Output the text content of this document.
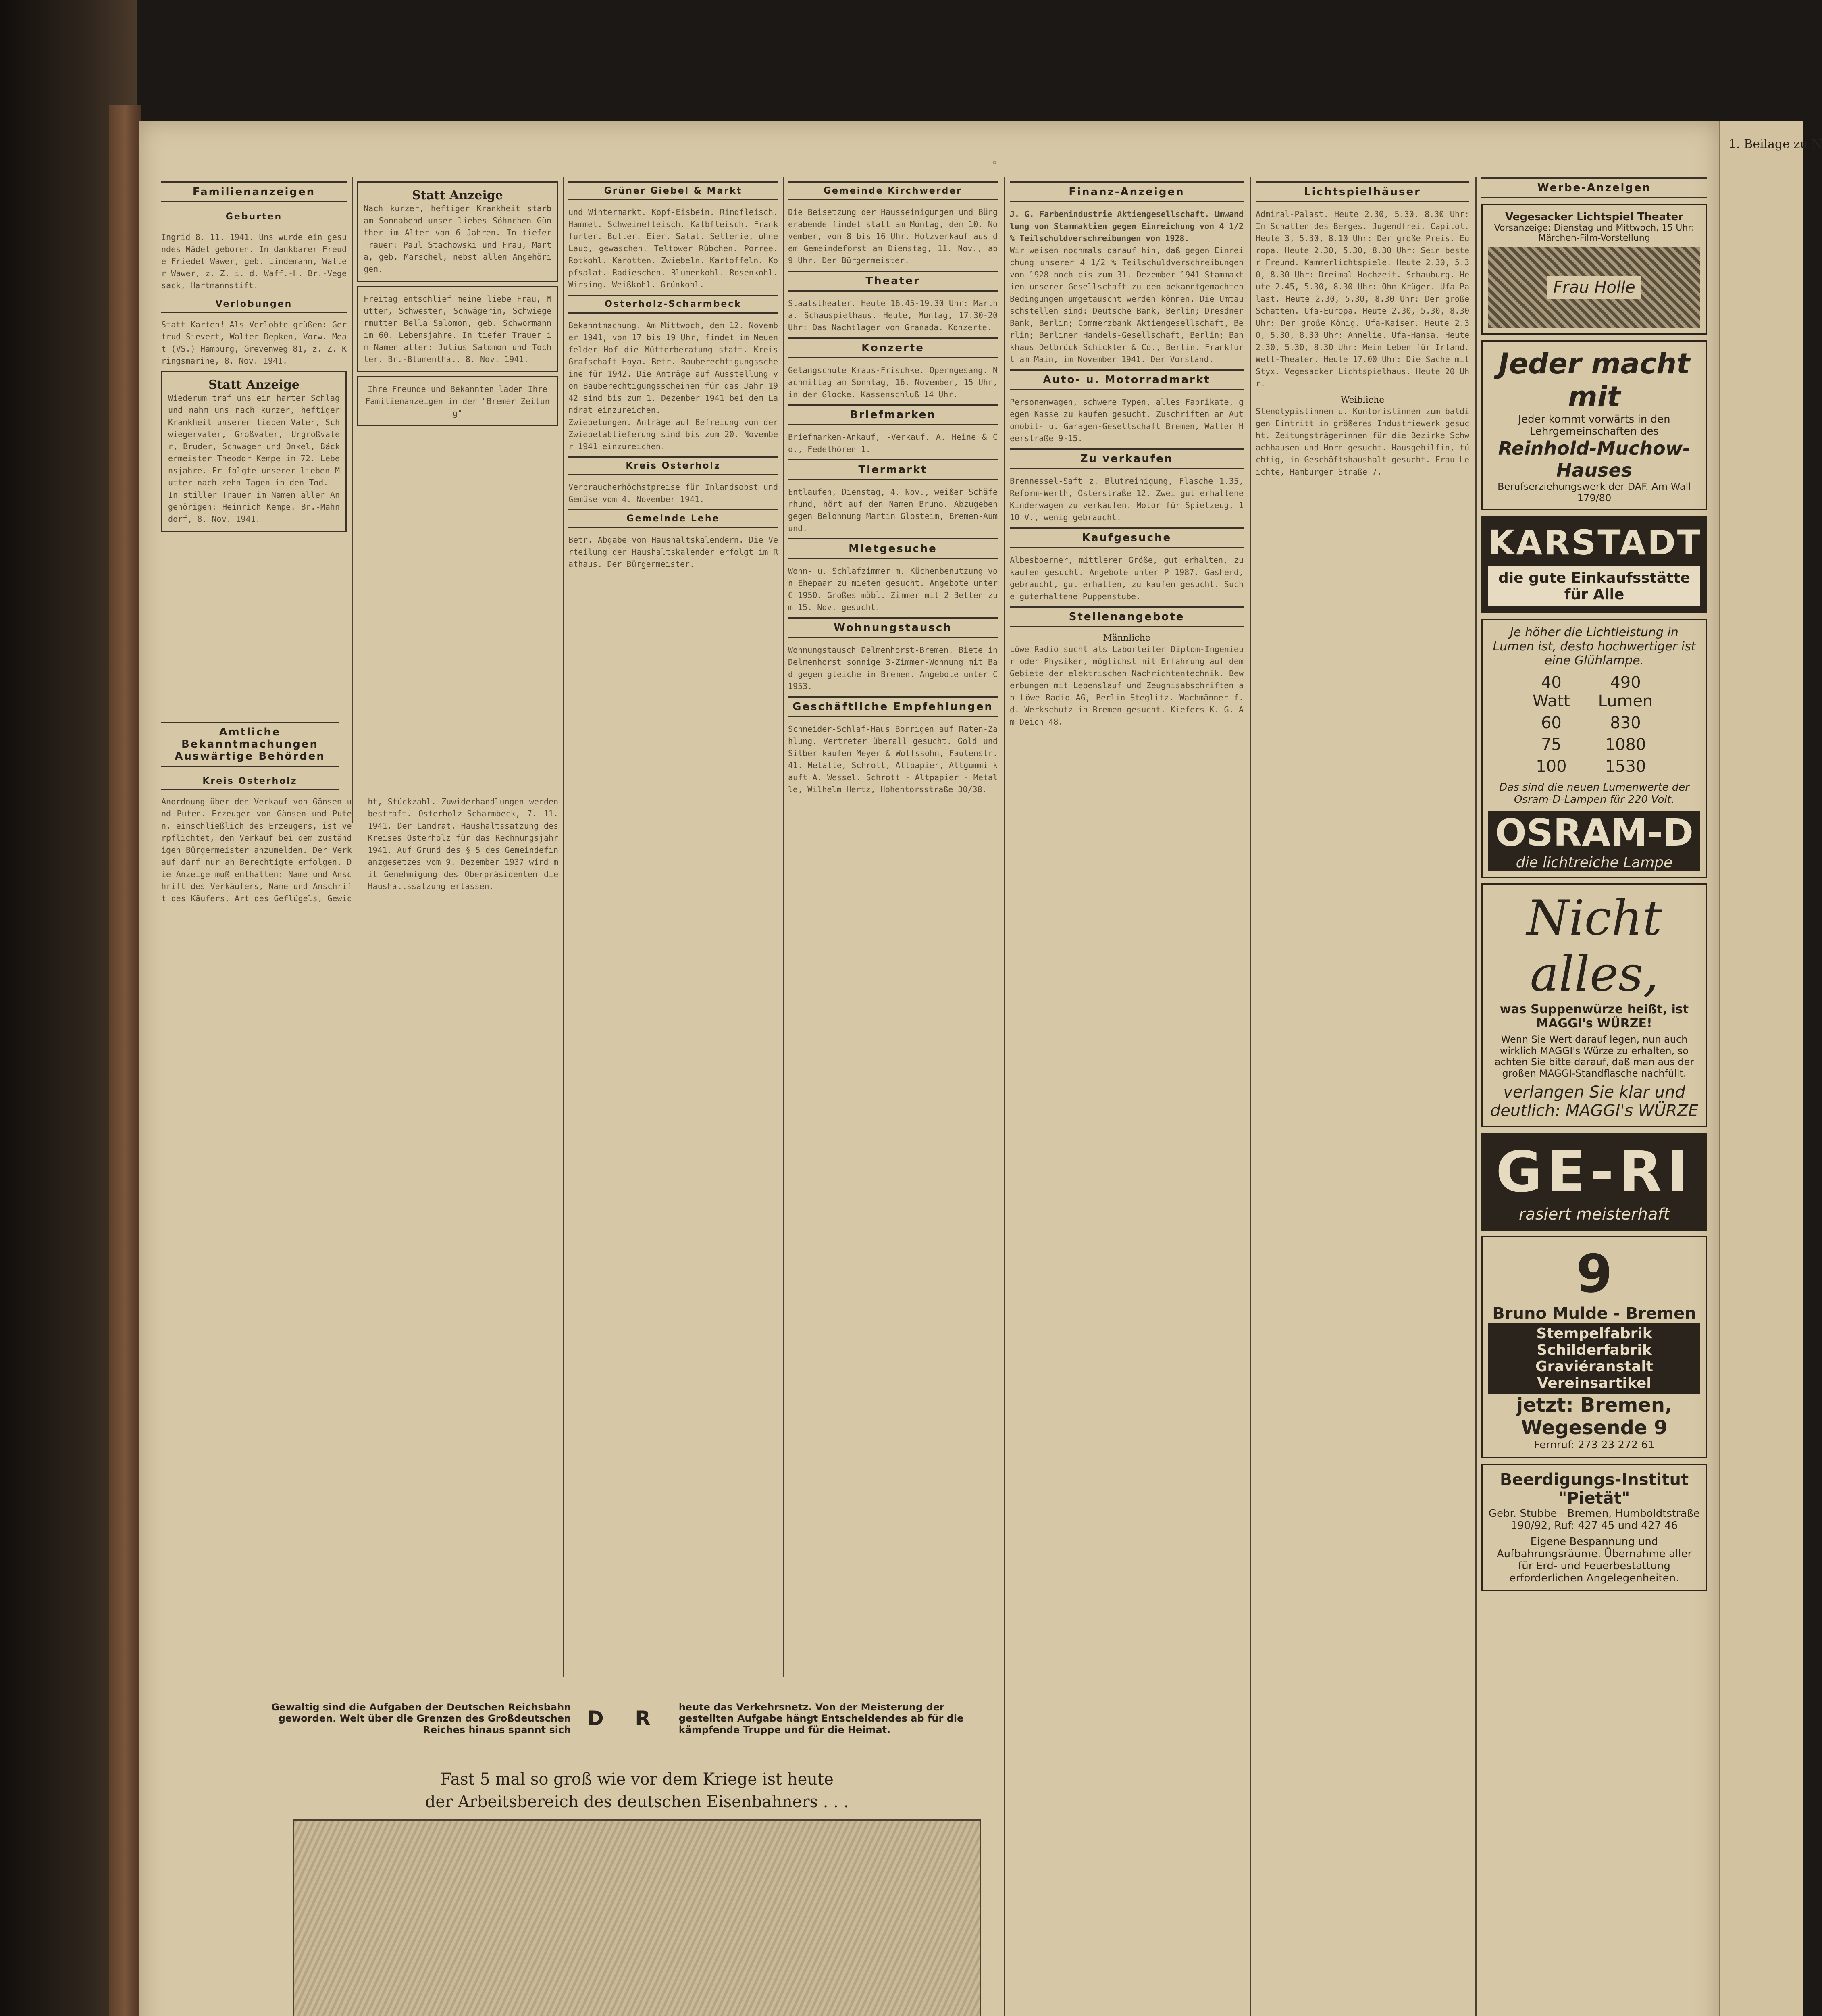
◦
Familienanzeigen
Geburten
Ingrid 8. 11. 1941. Uns wurde ein gesundes Mädel geboren. In dankbarer Freude Friedel Wawer, geb. Lindemann, Walter Wawer, z. Z. i. d. Waff.-H. Br.-Vegesack, Hartmannstift.
Verlobungen
Statt Karten! Als Verlobte grüßen: Gertrud Sievert, Walter Depken, Vorw.-Meat (VS.) Hamburg, Grevenweg 81, z. Z. Kringsmarine, 8. Nov. 1941.
Statt Anzeige
Wiederum traf uns ein harter Schlag und nahm uns nach kurzer, heftiger Krankheit unseren lieben Vater, Schwiegervater, Großvater, Urgroßvater, Bruder, Schwager und Onkel, Bäckermeister Theodor Kempe im 72. Lebensjahre. Er folgte unserer lieben Mutter nach zehn Tagen in den Tod.
In stiller Trauer im Namen aller Angehörigen: Heinrich Kempe. Br.-Mahndorf, 8. Nov. 1941.
Statt Anzeige
Nach kurzer, heftiger Krankheit starb am Sonnabend unser liebes Söhnchen Günther im Alter von 6 Jahren. In tiefer Trauer: Paul Stachowski und Frau, Marta, geb. Marschel, nebst allen Angehörigen.
Freitag entschlief meine liebe Frau, Mutter, Schwester, Schwägerin, Schwiegermutter Bella Salomon, geb. Schwormann im 60. Lebensjahre. In tiefer Trauer im Namen aller: Julius Salomon und Tochter. Br.-Blumenthal, 8. Nov. 1941.
Ihre Freunde und Bekannten laden Ihre Familienanzeigen in der "Bremer Zeitung"
Amtliche Bekanntmachungen Auswärtige Behörden
Kreis Osterholz
Anordnung über den Verkauf von Gänsen und Puten. Erzeuger von Gänsen und Puten, einschließlich des Erzeugers, ist verpflichtet, den Verkauf bei dem zuständigen Bürgermeister anzumelden. Der Verkauf darf nur an Berechtigte erfolgen. Die Anzeige muß enthalten: Name und Anschrift des Verkäufers, Name und Anschrift des Käufers, Art des Geflügels, Gewicht, Stückzahl. Zuwiderhandlungen werden bestraft. Osterholz-Scharmbeck, 7. 11. 1941. Der Landrat. Haushaltssatzung des Kreises Osterholz für das Rechnungsjahr 1941. Auf Grund des § 5 des Gemeindefinanzgesetzes vom 9. Dezember 1937 wird mit Genehmigung des Oberpräsidenten die Haushaltssatzung erlassen.
Grüner Giebel & Markt
und Wintermarkt. Kopf-Eisbein. Rindfleisch. Hammel. Schweinefleisch. Kalbfleisch. Frankfurter. Butter. Eier. Salat. Sellerie, ohne Laub, gewaschen. Teltower Rübchen. Porree. Rotkohl. Karotten. Zwiebeln. Kartoffeln. Kopfsalat. Radieschen. Blumenkohl. Rosenkohl. Wirsing. Weißkohl. Grünkohl.
Osterholz-Scharmbeck
Bekanntmachung. Am Mittwoch, dem 12. November 1941, von 17 bis 19 Uhr, findet im Neuenfelder Hof die Mütterberatung statt. Kreis Grafschaft Hoya. Betr. Bauberechtigungsscheine für 1942. Die Anträge auf Ausstellung von Bauberechtigungsscheinen für das Jahr 1942 sind bis zum 1. Dezember 1941 bei dem Landrat einzureichen.
Zwiebelungen. Anträge auf Befreiung von der Zwiebelablieferung sind bis zum 20. November 1941 einzureichen.
Kreis Osterholz
Verbraucherhöchstpreise für Inlandsobst und Gemüse vom 4. November 1941.
Gemeinde Lehe
Betr. Abgabe von Haushaltskalendern. Die Verteilung der Haushaltskalender erfolgt im Rathaus. Der Bürgermeister.
Gemeinde Kirchwerder
Die Beisetzung der Hausseinigungen und Bürgerabende findet statt am Montag, dem 10. November, von 8 bis 16 Uhr. Holzverkauf aus dem Gemeindeforst am Dienstag, 11. Nov., ab 9 Uhr. Der Bürgermeister.
Theater
Staatstheater. Heute 16.45-19.30 Uhr: Martha. Schauspielhaus. Heute, Montag, 17.30-20 Uhr: Das Nachtlager von Granada. Konzerte.
Konzerte
Gelangschule Kraus-Frischke. Operngesang. Nachmittag am Sonntag, 16. November, 15 Uhr, in der Glocke. Kassenschluß 14 Uhr.
Briefmarken
Briefmarken-Ankauf, -Verkauf. A. Heine & Co., Fedelhören 1.
Tiermarkt
Entlaufen, Dienstag, 4. Nov., weißer Schäferhund, hört auf den Namen Bruno. Abzugeben gegen Belohnung Martin Glosteim, Bremen-Aumund.
Mietgesuche
Wohn- u. Schlafzimmer m. Küchenbenutzung von Ehepaar zu mieten gesucht. Angebote unter C 1950. Großes möbl. Zimmer mit 2 Betten zum 15. Nov. gesucht.
Wohnungstausch
Wohnungstausch Delmenhorst-Bremen. Biete in Delmenhorst sonnige 3-Zimmer-Wohnung mit Bad gegen gleiche in Bremen. Angebote unter C 1953.
Geschäftliche Empfehlungen
Schneider-Schlaf-Haus Borrigen auf Raten-Zahlung. Vertreter überall gesucht. Gold und Silber kaufen Meyer & Wolfssohn, Faulenstr. 41. Metalle, Schrott, Altpapier, Altgummi kauft A. Wessel. Schrott - Altpapier - Metalle, Wilhelm Hertz, Hohentorsstraße 30/38.
Finanz-Anzeigen
J. G. Farbenindustrie Aktiengesellschaft. Umwandlung von Stammaktien gegen Einreichung von 4 1/2 % Teilschuldverschreibungen von 1928.
Wir weisen nochmals darauf hin, daß gegen Einreichung unserer 4 1/2 % Teilschuldverschreibungen von 1928 noch bis zum 31. Dezember 1941 Stammaktien unserer Gesellschaft zu den bekanntgemachten Bedingungen umgetauscht werden können. Die Umtauschstellen sind: Deutsche Bank, Berlin; Dresdner Bank, Berlin; Commerzbank Aktiengesellschaft, Berlin; Berliner Handels-Gesellschaft, Berlin; Bankhaus Delbrück Schickler & Co., Berlin. Frankfurt am Main, im November 1941. Der Vorstand.
Auto- u. Motorradmarkt
Personenwagen, schwere Typen, alles Fabrikate, gegen Kasse zu kaufen gesucht. Zuschriften an Automobil- u. Garagen-Gesellschaft Bremen, Waller Heerstraße 9-15.
Zu verkaufen
Brennessel-Saft z. Blutreinigung, Flasche 1.35, Reform-Werth, Osterstraße 12. Zwei gut erhaltene Kinderwagen zu verkaufen. Motor für Spielzeug, 110 V., wenig gebraucht.
Kaufgesuche
Albesboerner, mittlerer Größe, gut erhalten, zu kaufen gesucht. Angebote unter P 1987. Gasherd, gebraucht, gut erhalten, zu kaufen gesucht. Suche guterhaltene Puppenstube.
Stellenangebote
Männliche
Löwe Radio sucht als Laborleiter Diplom-Ingenieur oder Physiker, möglichst mit Erfahrung auf dem Gebiete der elektrischen Nachrichtentechnik. Bewerbungen mit Lebenslauf und Zeugnisabschriften an Löwe Radio AG, Berlin-Steglitz. Wachmänner f. d. Werkschutz in Bremen gesucht. Kiefers K.-G. Am Deich 48.
Lichtspielhäuser
Admiral-Palast. Heute 2.30, 5.30, 8.30 Uhr: Im Schatten des Berges. Jugendfrei. Capitol. Heute 3, 5.30, 8.10 Uhr: Der große Preis. Europa. Heute 2.30, 5.30, 8.30 Uhr: Sein bester Freund. Kammerlichtspiele. Heute 2.30, 5.30, 8.30 Uhr: Dreimal Hochzeit. Schauburg. Heute 2.45, 5.30, 8.30 Uhr: Ohm Krüger. Ufa-Palast. Heute 2.30, 5.30, 8.30 Uhr: Der große Schatten. Ufa-Europa. Heute 2.30, 5.30, 8.30 Uhr: Der große König. Ufa-Kaiser. Heute 2.30, 5.30, 8.30 Uhr: Annelie. Ufa-Hansa. Heute 2.30, 5.30, 8.30 Uhr: Mein Leben für Irland. Welt-Theater. Heute 17.00 Uhr: Die Sache mit Styx. Vegesacker Lichtspielhaus. Heute 20 Uhr.
Weibliche
Stenotypistinnen u. Kontoristinnen zum baldigen Eintritt in größeres Industriewerk gesucht. Zeitungsträgerinnen für die Bezirke Schwachhausen und Horn gesucht. Hausgehilfin, tüchtig, in Geschäftshaushalt gesucht. Frau Leichte, Hamburger Straße 7.
Werbe-Anzeigen
Vegesacker Lichtspiel Theater
Vorsanzeige: Dienstag und Mittwoch, 15 Uhr: Märchen-Film-Vorstellung
Frau Holle
Jeder macht mit
Jeder kommt vorwärts in den Lehrgemeinschaften des
Reinhold-Muchow-Hauses
Berufserziehungswerk der DAF. Am Wall 179/80
KARSTADT
die gute Einkaufsstätte für Alle
Je höher die Lichtleistung in Lumen ist, desto hochwertiger ist eine Glühlampe.
40 Watt	490 Lumen
60	830
75	1080
100	1530
Das sind die neuen Lumenwerte der Osram-D-Lampen für 220 Volt.
OSRAM-D
die lichtreiche Lampe
Nicht alles,
was Suppenwürze heißt, ist MAGGI's WÜRZE!
Wenn Sie Wert darauf legen, nun auch wirklich MAGGI's Würze zu erhalten, so achten Sie bitte darauf, daß man aus der großen MAGGI-Standflasche nachfüllt.
verlangen Sie klar und deutlich: MAGGI's WÜRZE
GE-RI
rasiert meisterhaft
9
Bruno Mulde - Bremen
Stempelfabrik Schilderfabrik Graviéranstalt Vereinsartikel
jetzt: Bremen, Wegesende 9
Fernruf: 273 23 272 61
Beerdigungs-Institut "Pietät"
Gebr. Stubbe - Bremen, Humboldtstraße 190/92, Ruf: 427 45 und 427 46
Eigene Bespannung und Aufbahrungsräume. Übernahme aller für Erd- und Feuerbestattung erforderlichen Angelegenheiten.
Gewaltig sind die Aufgaben der Deutschen Reichsbahn geworden. Weit über die Grenzen des Großdeutschen Reiches hinaus spannt sich D R heute das Verkehrsnetz. Von der Meisterung der gestellten Aufgabe hängt Entscheidendes ab für die kämpfende Truppe und für die Heimat.
Fast 5 mal so groß wie vor dem Kriege ist heute
der Arbeitsbereich des deutschen Eisenbahners . . .
1. Beilage zu N
